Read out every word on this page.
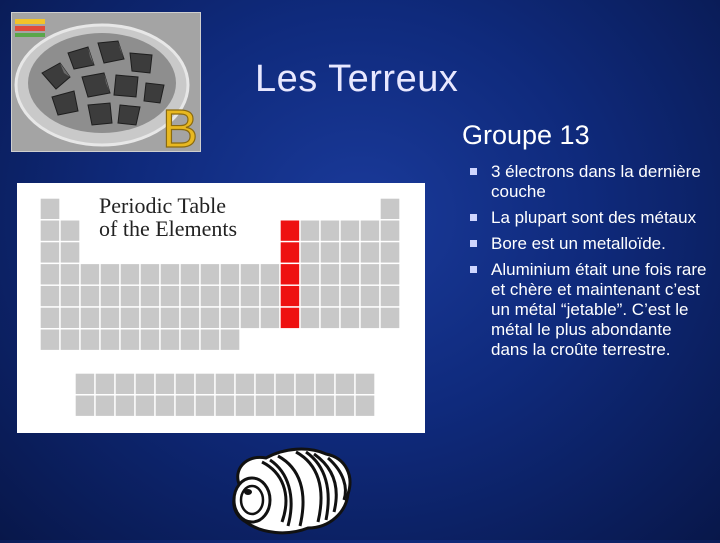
B
Les Terreux
Groupe 13
Periodic Table
of the Elements
3 électrons dans la dernière couche
La plupart sont des métaux
Bore est un metalloïde.
Aluminium était une fois rare et chère et maintenant c’est un métal “jetable”. C’est le métal le plus abondante dans la croûte terrestre.
